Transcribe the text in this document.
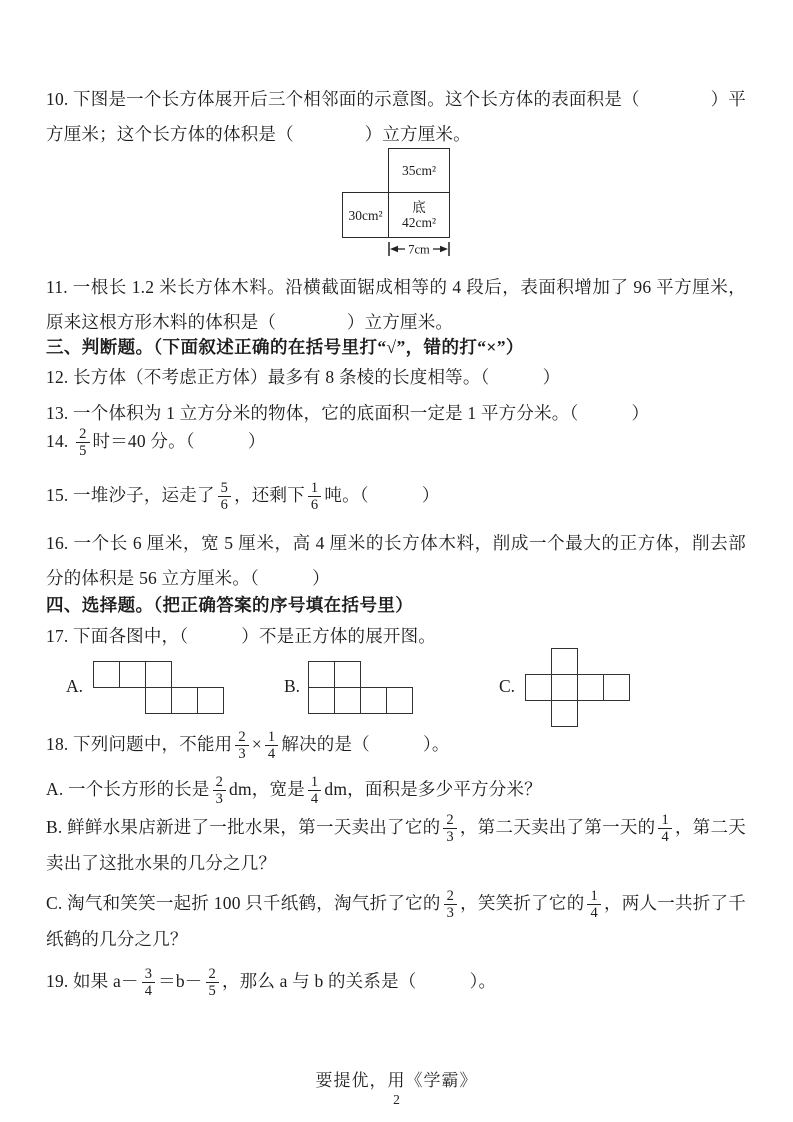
10. 下图是一个长方体展开后三个相邻面的示意图。这个长方体的表面积是（　　　　）平方厘米；这个长方体的体积是（　　　　）立方厘米。

35cm²
30cm² 底
42cm²
7cm

11. 一根长 1.2 米长方体木料。沿横截面锯成相等的 4 段后，表面积增加了 96 平方厘米，原来这根方形木料的体积是（　　　　）立方厘米。

三、判断题。（下面叙述正确的在括号里打“√”，错的打“×”）

12. 长方体（不考虑正方体）最多有 8 条棱的长度相等。（　　　）

13. 一个体积为 1 立方分米的物体，它的底面积一定是 1 平方分米。（　　　）

14. $\frac{2}{5}$ 时＝40 分。（　　　）

15. 一堆沙子，运走了 $\frac{5}{6}$ ，还剩下 $\frac{1}{6}$ 吨。（　　　）

16. 一个长 6 厘米，宽 5 厘米，高 4 厘米的长方体木料，削成一个最大的正方体，削去部分的体积是 56 立方厘米。（　　　）

四、选择题。（把正确答案的序号填在括号里）

17. 下面各图中，（　　　）不是正方体的展开图。

A.	B.	C.

18. 下列问题中，不能用 $\frac{2}{3} \times \frac{1}{4}$ 解决的是（　　　）。

A. 一个长方形的长是 $\frac{2}{3}$ dm，宽是 $\frac{1}{4}$ dm，面积是多少平方分米？

B. 鲜鲜水果店新进了一批水果，第一天卖出了它的 $\frac{2}{3}$ ，第二天卖出了第一天的 $\frac{1}{4}$ ，第二天卖出了这批水果的几分之几？

C. 淘气和笑笑一起折 100 只千纸鹤，淘气折了它的 $\frac{2}{3}$ ，笑笑折了它的 $\frac{1}{4}$ ，两人一共折了千纸鹤的几分之几？

19. 如果 $a- \frac{3}{4} =b- \frac{2}{5}$ ，那么 a 与 b 的关系是（　　　）。

要提优，用《学霸》
2
